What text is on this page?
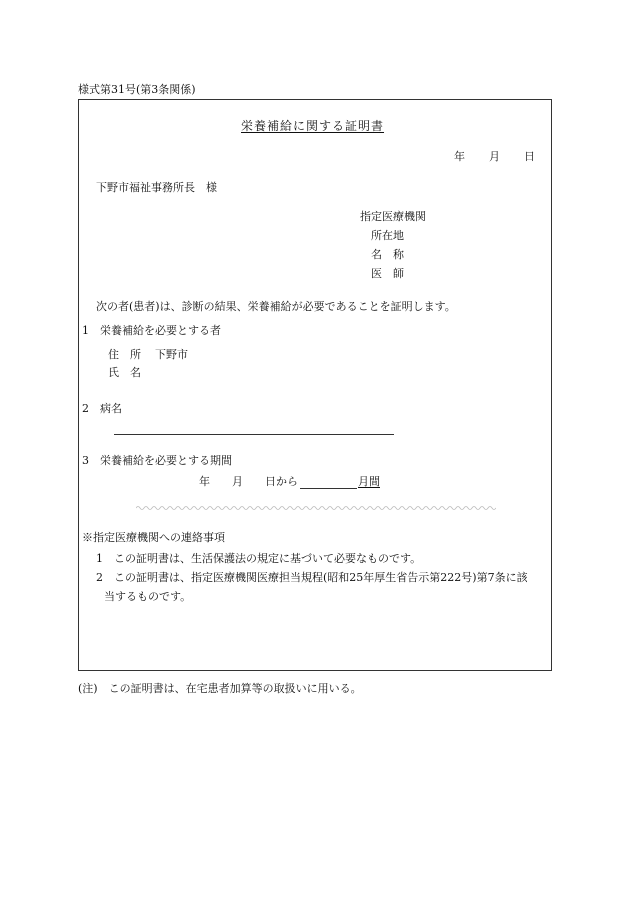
様式第31号(第3条関係)
栄養補給に関する証明書
年 月 日
下野市福祉事務所長　様
指定医療機関
所在地
名　称
医　師
次の者(患者)は、診断の結果、栄養補給が必要であることを証明します。
1　栄養補給を必要とする者
住　所 下野市
氏　名
2　病名
3　栄養補給を必要とする期間
年 月 日から	月間
※指定医療機関への連絡事項
1　この証明書は、生活保護法の規定に基づいて必要なものです。
2　この証明書は、指定医療機関医療担当規程(昭和25年厚生省告示第222号)第7条に該
当するものです。
(注)　この証明書は、在宅患者加算等の取扱いに用いる。
